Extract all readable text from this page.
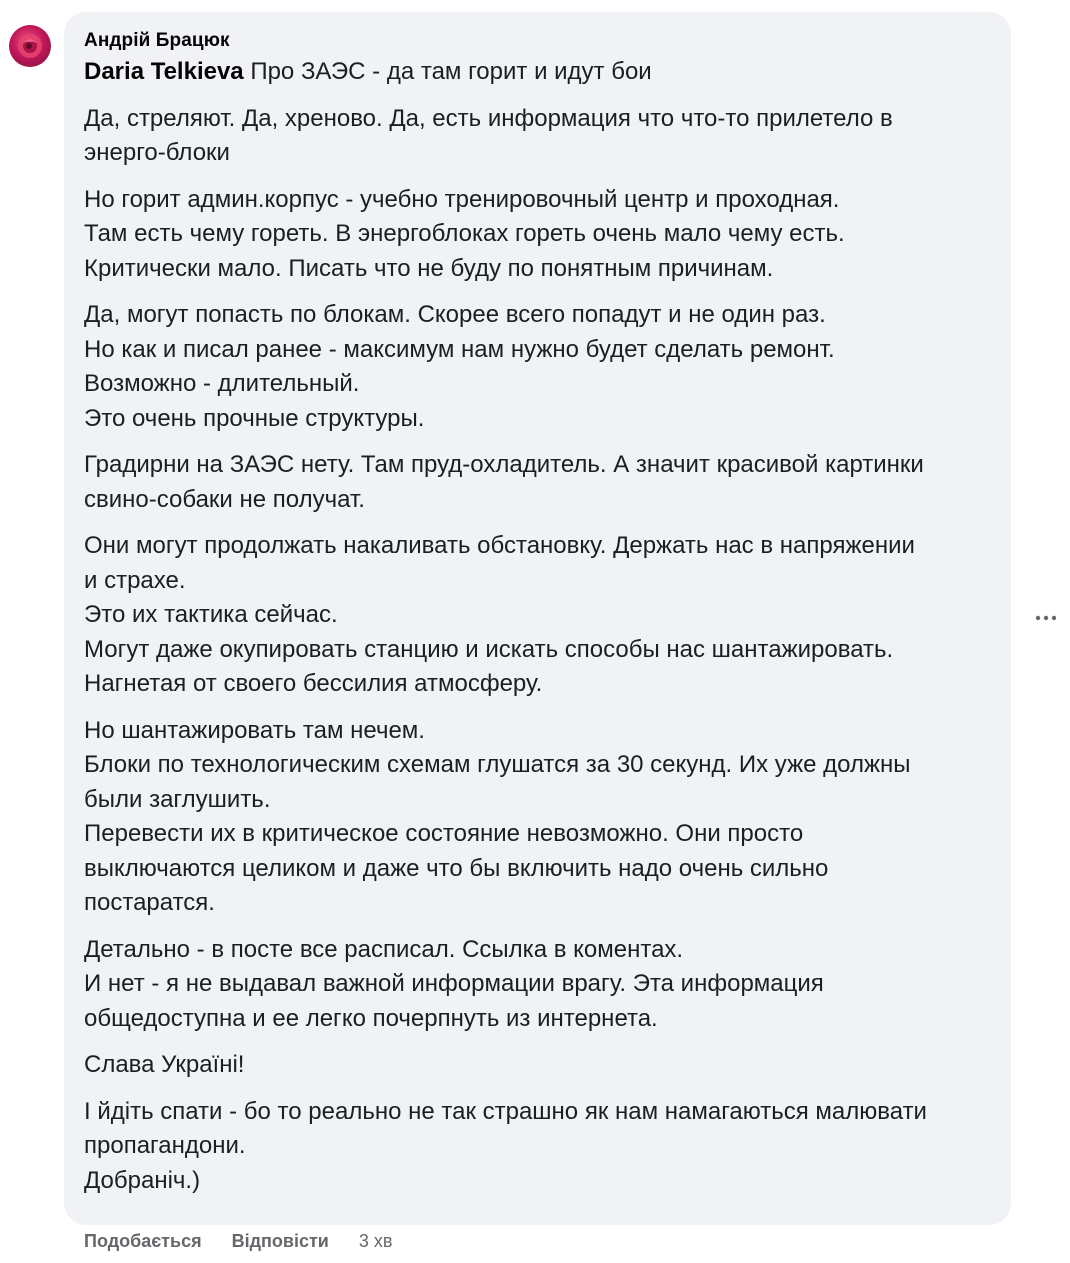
Андрій Брацюк

Daria Telkieva Про ЗАЭС - да там горит и идут бои

Да, стреляют. Да, хреново. Да, есть информация что что-то прилетело в
энерго-блоки
Но горит админ.корпус - учебно тренировочный центр и проходная.
Там есть чему гореть. В энергоблоках гореть очень мало чему есть.
Критически мало. Писать что не буду по понятным причинам.
Да, могут попасть по блокам. Скорее всего попадут и не один раз.
Но как и писал ранее - максимум нам нужно будет сделать ремонт.
Возможно - длительный.
Это очень прочные структуры.
Градирни на ЗАЭС нету. Там пруд-охладитель. А значит красивой картинки
свино-собаки не получат.
Они могут продолжать накаливать обстановку. Держать нас в напряжении
и страхе.
Это их тактика сейчас.
Могут даже окупировать станцию и искать способы нас шантажировать.
Нагнетая от своего бессилия атмосферу.
Но шантажировать там нечем.
Блоки по технологическим схемам глушатся за 30 секунд. Их уже должны
были заглушить.
Перевести их в критическое состояние невозможно. Они просто
выключаются целиком и даже что бы включить надо очень сильно
постаратся.
Детально - в посте все расписал. Ссылка в коментах.
И нет - я не выдавал важной информации врагу. Эта информация
общедоступна и ее легко почерпнуть из интернета.
Слава Україні!
І йдіть спати - бо то реально не так страшно як нам намагаються малювати
пропагандони.
Добраніч.)
Подобається Відповісти 3 хв
